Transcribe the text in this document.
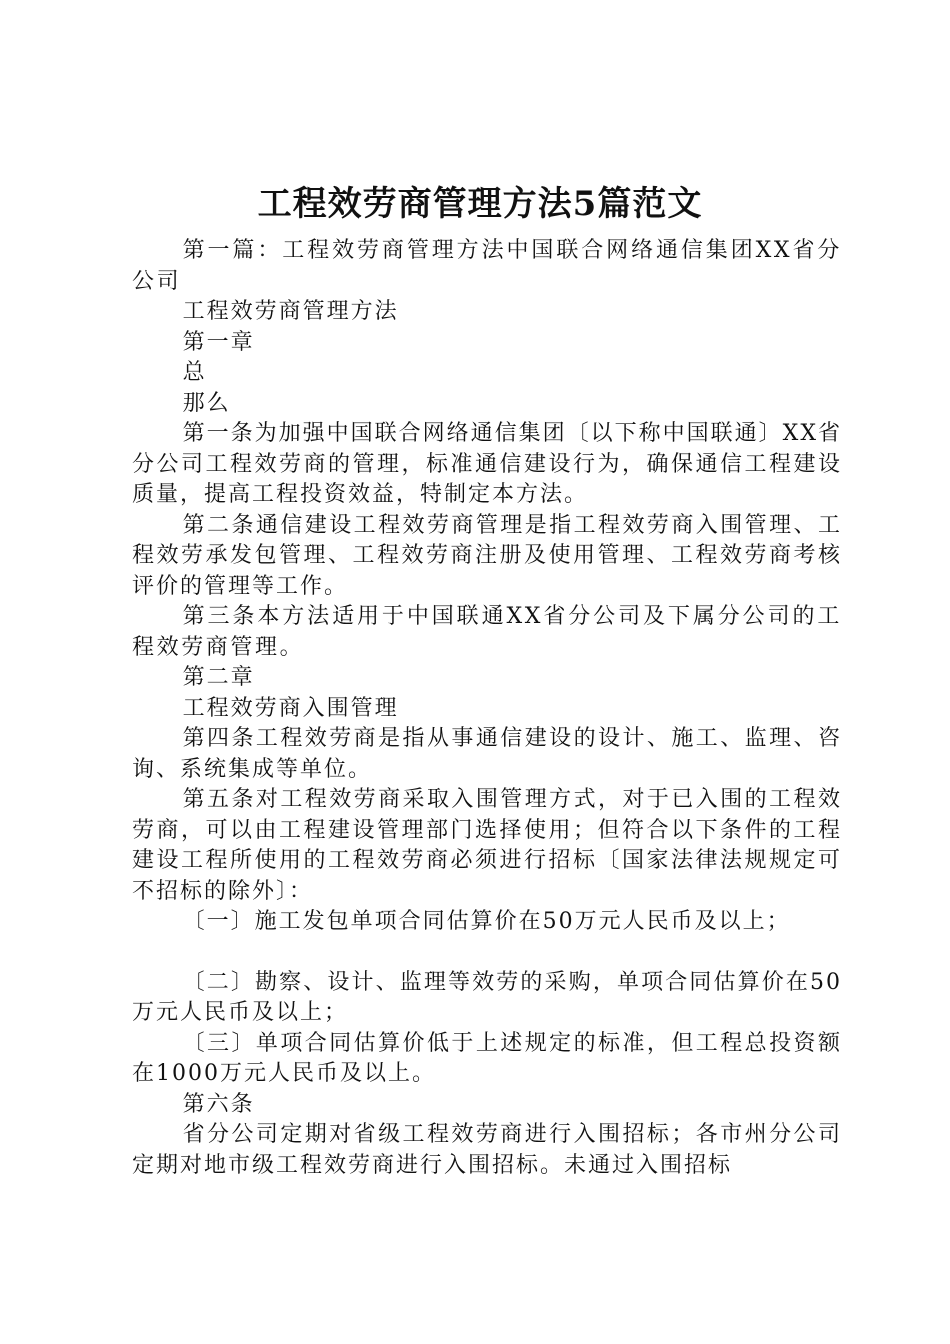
工程效劳商管理方法5篇范文

第一篇：工程效劳商管理方法中国联合网络通信集团XX省分公司

工程效劳商管理方法

第一章

总

那么

第一条为加强中国联合网络通信集团〔以下称中国联通〕XX省分公司工程效劳商的管理，标准通信建设行为，确保通信工程建设质量，提高工程投资效益，特制定本方法。

第二条通信建设工程效劳商管理是指工程效劳商入围管理、工程效劳承发包管理、工程效劳商注册及使用管理、工程效劳商考核评价的管理等工作。

第三条本方法适用于中国联通XX省分公司及下属分公司的工程效劳商管理。

第二章

工程效劳商入围管理

第四条工程效劳商是指从事通信建设的设计、施工、监理、咨询、系统集成等单位。

第五条对工程效劳商采取入围管理方式，对于已入围的工程效劳商，可以由工程建设管理部门选择使用；但符合以下条件的工程建设工程所使用的工程效劳商必须进行招标〔国家法律法规规定可不招标的除外〕：

〔一〕施工发包单项合同估算价在50万元人民币及以上；

〔二〕勘察、设计、监理等效劳的采购，单项合同估算价在50万元人民币及以上；

〔三〕单项合同估算价低于上述规定的标准，但工程总投资额在1000万元人民币及以上。

第六条

省分公司定期对省级工程效劳商进行入围招标；各市州分公司定期对地市级工程效劳商进行入围招标。未通过入围招标
